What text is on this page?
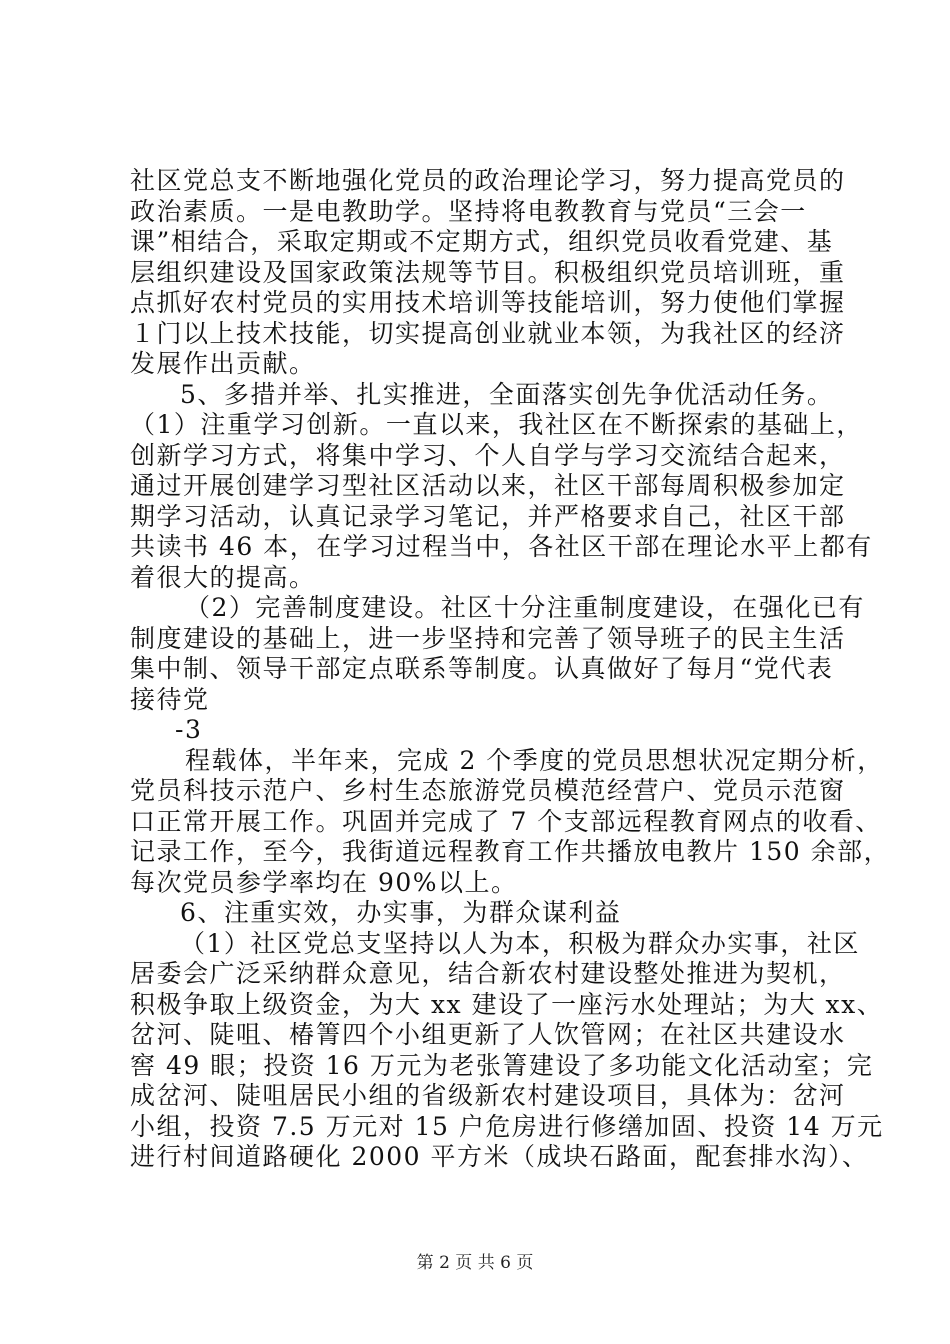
社区党总支不断地强化党员的政治理论学习，努力提高党员的
政治素质。一是电教助学。坚持将电教教育与党员“三会一
课”相结合，采取定期或不定期方式，组织党员收看党建、基
层组织建设及国家政策法规等节目。积极组织党员培训班，重
点抓好农村党员的实用技术培训等技能培训，努力使他们掌握
１门以上技术技能，切实提高创业就业本领，为我社区的经济
发展作出贡献。
5、多措并举、扎实推进，全面落实创先争优活动任务。
（1）注重学习创新。一直以来，我社区在不断探索的基础上，
创新学习方式，将集中学习、个人自学与学习交流结合起来，
通过开展创建学习型社区活动以来，社区干部每周积极参加定
期学习活动，认真记录学习笔记，并严格要求自己，社区干部
共读书 46 本，在学习过程当中，各社区干部在理论水平上都有
着很大的提高。
（2）完善制度建设。社区十分注重制度建设，在强化已有
制度建设的基础上，进一步坚持和完善了领导班子的民主生活
集中制、领导干部定点联系等制度。认真做好了每月“党代表
接待党
-3
程载体，半年来，完成 2 个季度的党员思想状况定期分析，
党员科技示范户、乡村生态旅游党员模范经营户、党员示范窗
口正常开展工作。巩固并完成了 7 个支部远程教育网点的收看、
记录工作，至今，我街道远程教育工作共播放电教片 150 余部，
每次党员参学率均在 90%以上。
6、注重实效，办实事，为群众谋利益
（1）社区党总支坚持以人为本，积极为群众办实事，社区
居委会广泛采纳群众意见，结合新农村建设整处推进为契机，
积极争取上级资金，为大 xx 建设了一座污水处理站；为大 xx、
岔河、陡咀、椿箐四个小组更新了人饮管网；在社区共建设水
窖 49 眼；投资 16 万元为老张箐建设了多功能文化活动室；完
成岔河、陡咀居民小组的省级新农村建设项目，具体为：岔河
小组，投资 7.5 万元对 15 户危房进行修缮加固、投资 14 万元
进行村间道路硬化 2000 平方米（成块石路面，配套排水沟）、
第 2 页 共 6 页
